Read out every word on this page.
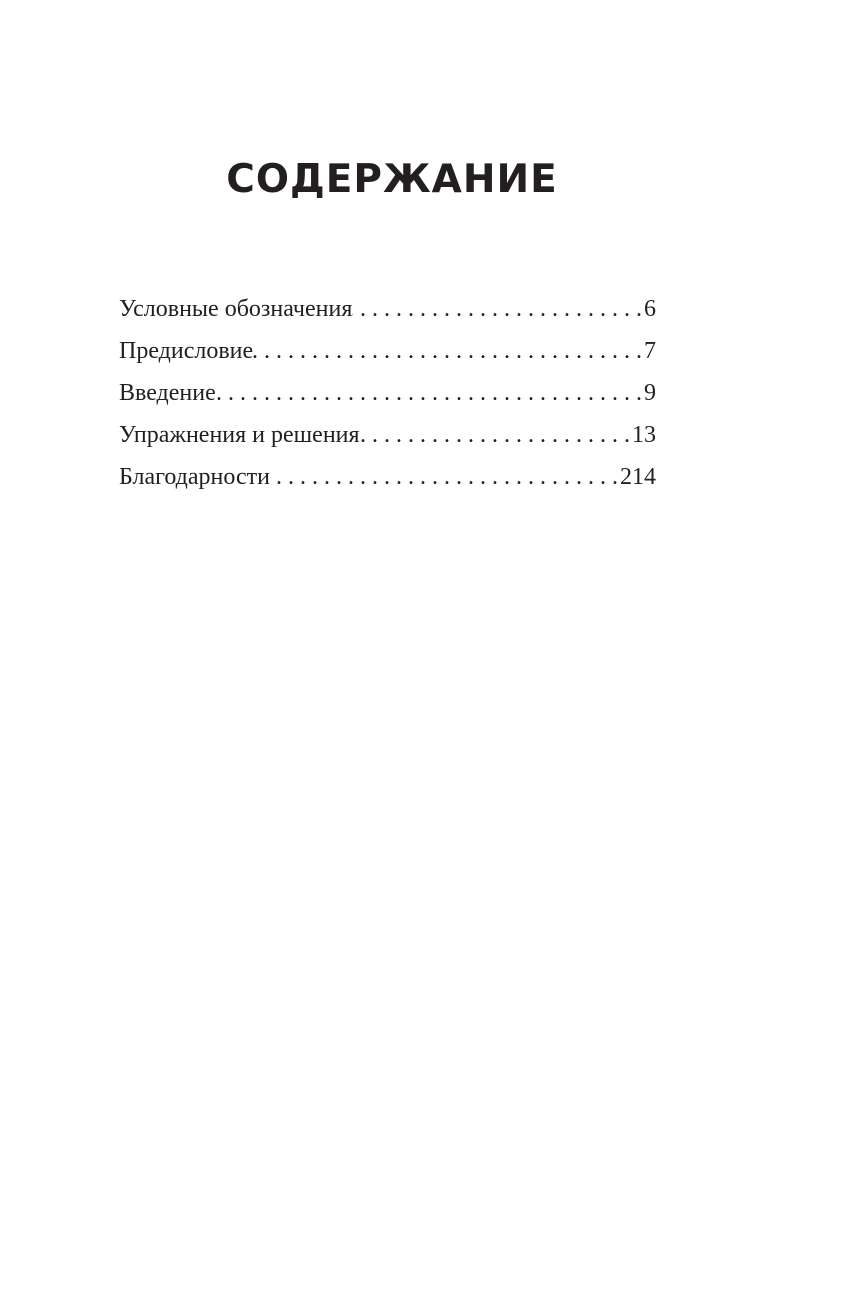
СОДЕРЖАНИЕ
Условные обозначения . . .	6
Предисловие . . .	7
Введение . . .	9
Упражнения и решения . . .	13
Благодарности . . .	214
